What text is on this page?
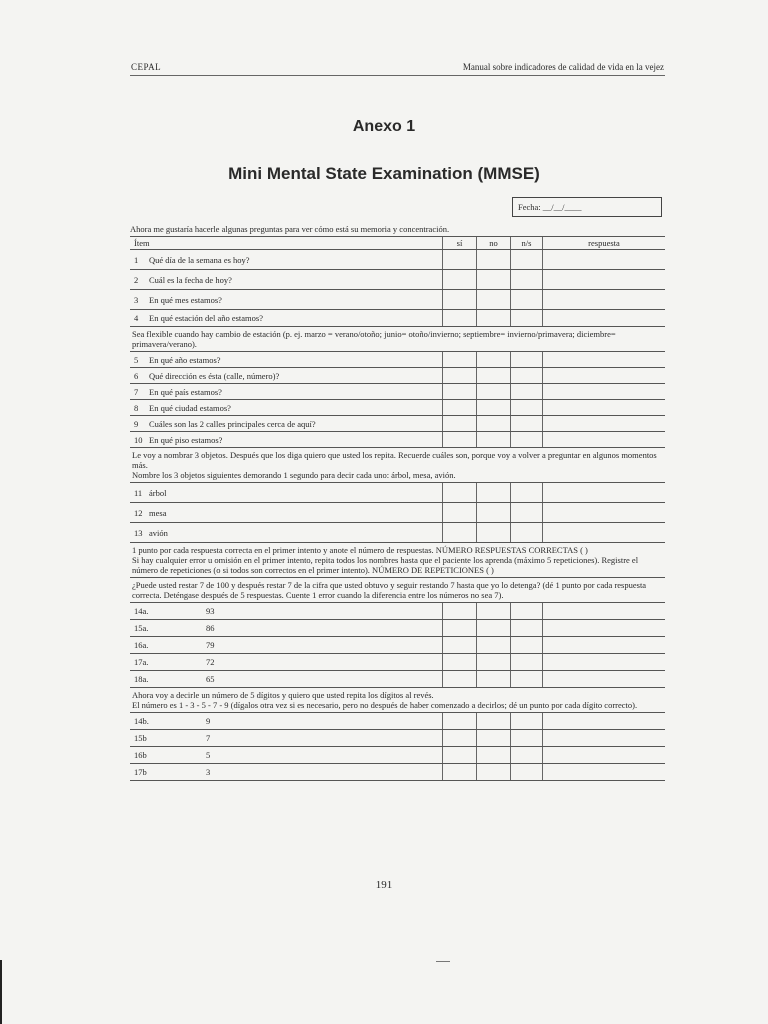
CEPAL	Manual sobre indicadores de calidad de vida en la vejez
Anexo 1
Mini Mental State Examination (MMSE)
Fecha: __/__/____
Ahora me gustaría hacerle algunas preguntas para ver cómo está su memoria y concentración.
Ítem	sí	no	n/s	respuesta
1	Qué día de la semana es hoy?
2	Cuál es la fecha de hoy?
3	En qué mes estamos?
4	En qué estación del año estamos?
Sea flexible cuando hay cambio de estación (p. ej. marzo = verano/otoño; junio= otoño/invierno; septiembre= invierno/primavera; diciembre= primavera/verano).
5	En qué año estamos?
6	Qué dirección es ésta (calle, número)?
7	En qué país estamos?
8	En qué ciudad estamos?
9	Cuáles son las 2 calles principales cerca de aquí?
10 En qué piso estamos?
Le voy a nombrar 3 objetos. Después que los diga quiero que usted los repita. Recuerde cuáles son, porque voy a volver a preguntar en algunos momentos más.
Nombre los 3 objetos siguientes demorando 1 segundo para decir cada uno: árbol, mesa, avión.
11 árbol
12 mesa
13 avión
1 punto por cada respuesta correcta en el primer intento y anote el número de respuestas. NÚMERO RESPUESTAS CORRECTAS ( )
Si hay cualquier error u omisión en el primer intento, repita todos los nombres hasta que el paciente los aprenda (máximo 5 repeticiones). Registre el número de repeticiones (o si todos son correctos en el primer intento). NÚMERO DE REPETICIONES ( )
¿Puede usted restar 7 de 100 y después restar 7 de la cifra que usted obtuvo y seguir restando 7 hasta que yo lo detenga? (dé 1 punto por cada respuesta correcta. Deténgase después de 5 respuestas. Cuente 1 error cuando la diferencia entre los números no sea 7).
14a.	93
15a.	86
16a.	79
17a.	72
18a.	65
Ahora voy a decirle un número de 5 dígitos y quiero que usted repita los dígitos al revés.
El número es 1 - 3 - 5 - 7 - 9 (dígalos otra vez si es necesario, pero no después de haber comenzado a decirlos; dé un punto por cada dígito correcto).
14b.	9
15b	7
16b	5
17b	3
191
